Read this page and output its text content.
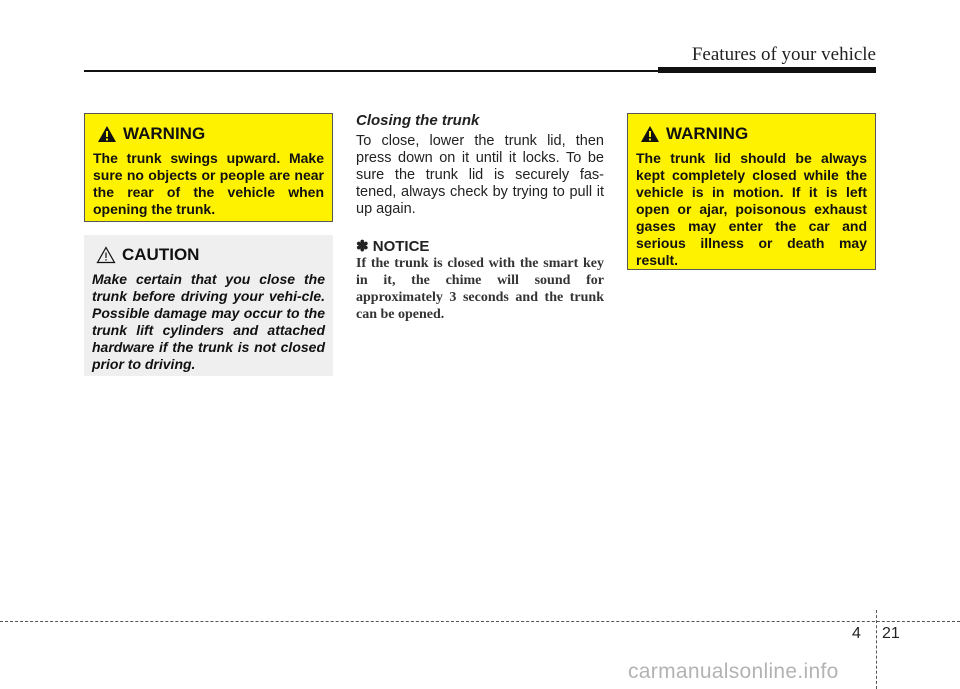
Features of your vehicle
WARNING

The trunk swings upward. Make sure no objects or people are near the rear of the vehicle when opening the trunk.

CAUTION

Make certain that you close the trunk before driving your vehi-cle. Possible damage may occur to the trunk lift cylinders and attached hardware if the trunk is not closed prior to driving.

Closing the trunk

To close, lower the trunk lid, then press down on it until it locks. To be sure the trunk lid is securely fas-tened, always check by trying to pull it up again.

✽ NOTICE

If the trunk is closed with the smart key in it, the chime will sound for approximately 3 seconds and the trunk can be opened.

WARNING

The trunk lid should be always kept completely closed while the vehicle is in motion. If it is left open or ajar, poisonous exhaust gases may enter the car and serious illness or death may result.

4 21
carmanualsonline.info
